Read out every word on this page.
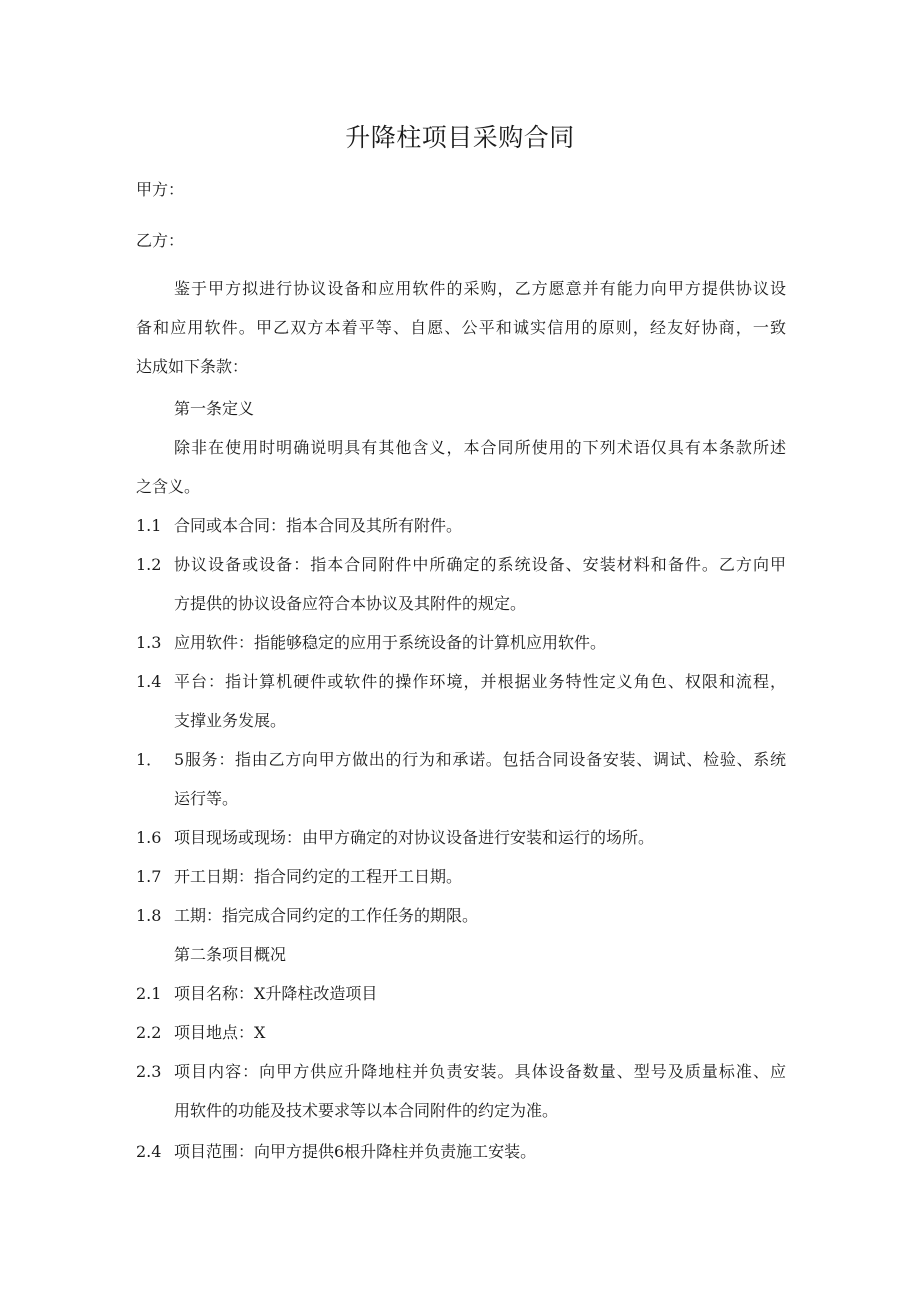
升降柱项目采购合同
甲方：
乙方：
鉴于甲方拟进行协议设备和应用软件的采购，乙方愿意并有能力向甲方提供协议设
备和应用软件。甲乙双方本着平等、自愿、公平和诚实信用的原则，经友好协商，一致
达成如下条款：
第一条定义
除非在使用时明确说明具有其他含义，本合同所使用的下列术语仅具有本条款所述
之含义。
1.1 合同或本合同：指本合同及其所有附件。
1.2 协议设备或设备：指本合同附件中所确定的系统设备、安装材料和备件。乙方向甲
方提供的协议设备应符合本协议及其附件的规定。
1.3 应用软件：指能够稳定的应用于系统设备的计算机应用软件。
1.4 平台：指计算机硬件或软件的操作环境，并根据业务特性定义角色、权限和流程，
支撑业务发展。
1． 5服务：指由乙方向甲方做出的行为和承诺。包括合同设备安装、调试、检验、系统
运行等。
1.6 项目现场或现场：由甲方确定的对协议设备进行安装和运行的场所。
1.7 开工日期：指合同约定的工程开工日期。
1.8 工期：指完成合同约定的工作任务的期限。
第二条项目概况
2.1 项目名称：X升降柱改造项目
2.2 项目地点：X
2.3 项目内容：向甲方供应升降地柱并负责安装。具体设备数量、型号及质量标准、应
用软件的功能及技术要求等以本合同附件的约定为准。
2.4 项目范围：向甲方提供6根升降柱并负责施工安装。
